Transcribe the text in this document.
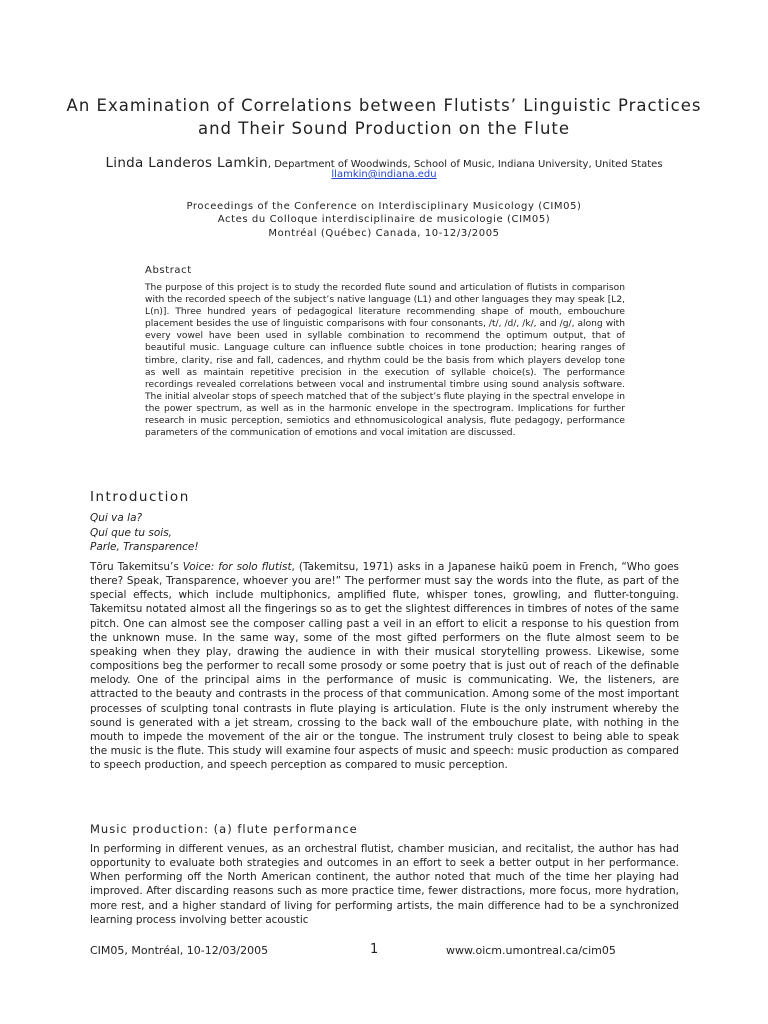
An Examination of Correlations between Flutists’ Linguistic Practices and Their Sound Production on the Flute
Linda Landeros Lamkin, Department of Woodwinds, School of Music, Indiana University, United States
llamkin@indiana.edu
Proceedings of the Conference on Interdisciplinary Musicology (CIM05)
Actes du Colloque interdisciplinaire de musicologie (CIM05)
Montréal (Québec) Canada, 10-12/3/2005
Abstract
The purpose of this project is to study the recorded flute sound and articulation of flutists in comparison with the recorded speech of the subject’s native language (L1) and other languages they may speak [L2, L(n)]. Three hundred years of pedagogical literature recommending shape of mouth, embouchure placement besides the use of linguistic comparisons with four consonants, /t/, /d/, /k/, and /g/, along with every vowel have been used in syllable combination to recommend the optimum output, that of beautiful music. Language culture can influence subtle choices in tone production; hearing ranges of timbre, clarity, rise and fall, cadences, and rhythm could be the basis from which players develop tone as well as maintain repetitive precision in the execution of syllable choice(s). The performance recordings revealed correlations between vocal and instrumental timbre using sound analysis software. The initial alveolar stops of speech matched that of the subject’s flute playing in the spectral envelope in the power spectrum, as well as in the harmonic envelope in the spectrogram. Implications for further research in music perception, semiotics and ethnomusicological analysis, flute pedagogy, performance parameters of the communication of emotions and vocal imitation are discussed.
Introduction
Qui va la?
Qui que tu sois,
Parle, Transparence!
Tōru Takemitsu’s Voice: for solo flutist, (Takemitsu, 1971) asks in a Japanese haikū poem in French, “Who goes there? Speak, Transparence, whoever you are!” The performer must say the words into the flute, as part of the special effects, which include multiphonics, amplified flute, whisper tones, growling, and flutter-tonguing. Takemitsu notated almost all the fingerings so as to get the slightest differences in timbres of notes of the same pitch. One can almost see the composer calling past a veil in an effort to elicit a response to his question from the unknown muse. In the same way, some of the most gifted performers on the flute almost seem to be speaking when they play, drawing the audience in with their musical storytelling prowess. Likewise, some compositions beg the performer to recall some prosody or some poetry that is just out of reach of the definable melody. One of the principal aims in the performance of music is communicating. We, the listeners, are attracted to the beauty and contrasts in the process of that communication. Among some of the most important processes of sculpting tonal contrasts in flute playing is articulation. Flute is the only instrument whereby the sound is generated with a jet stream, crossing to the back wall of the embouchure plate, with nothing in the mouth to impede the movement of the air or the tongue. The instrument truly closest to being able to speak the music is the flute. This study will examine four aspects of music and speech: music production as compared to speech production, and speech perception as compared to music perception.
Music production: (a) flute performance
In performing in different venues, as an orchestral flutist, chamber musician, and recitalist, the author has had opportunity to evaluate both strategies and outcomes in an effort to seek a better output in her performance. When performing off the North American continent, the author noted that much of the time her playing had improved. After discarding reasons such as more practice time, fewer distractions, more focus, more hydration, more rest, and a higher standard of living for performing artists, the main difference had to be a synchronized learning process involving better acoustic
CIM05, Montréal, 10-12/03/2005	1	www.oicm.umontreal.ca/cim05
